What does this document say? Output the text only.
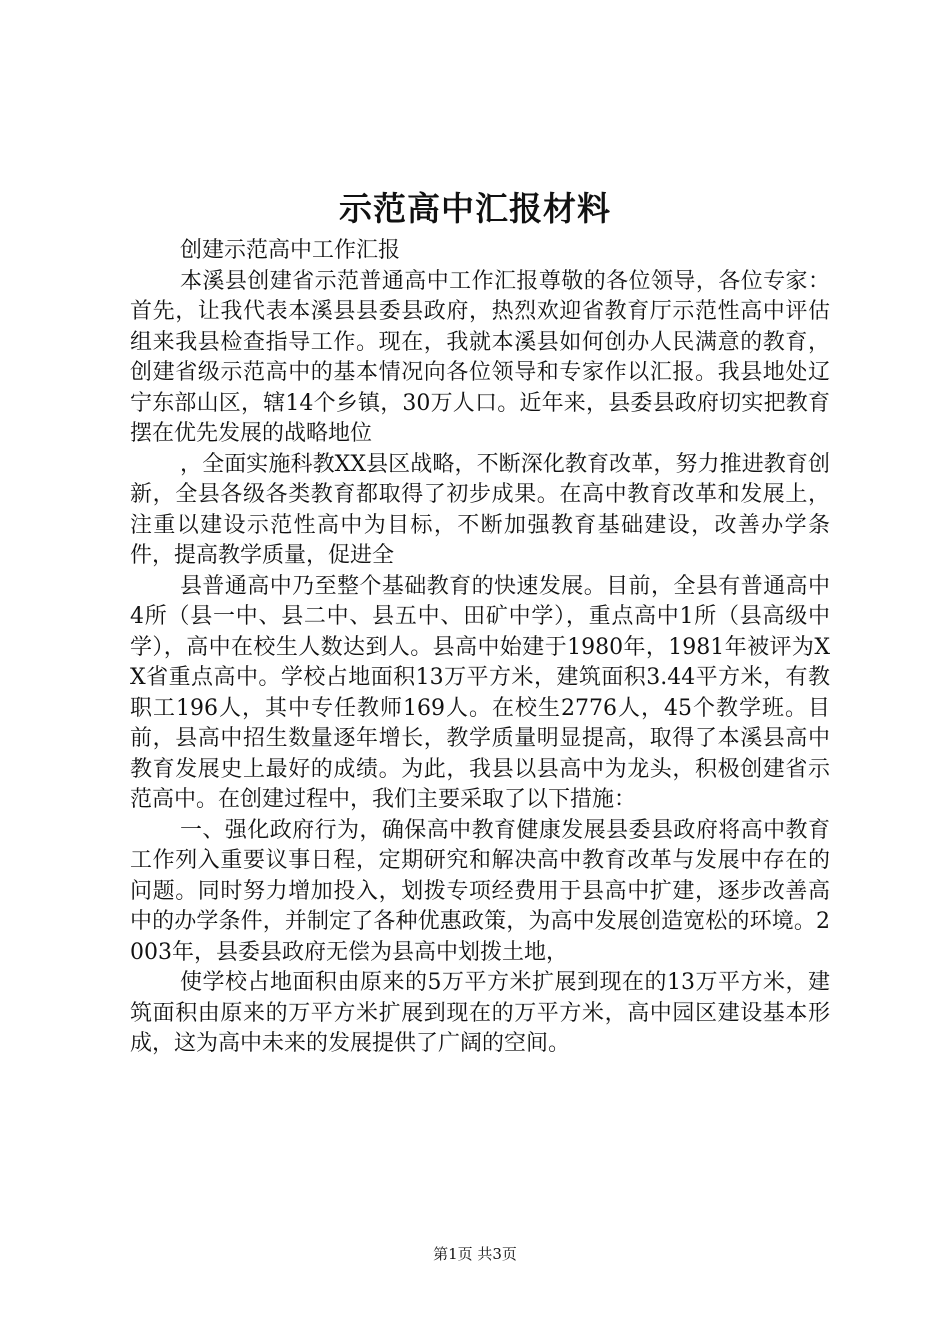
示范高中汇报材料

创建示范高中工作汇报

本溪县创建省示范普通高中工作汇报尊敬的各位领导，各位专家：首先，让我代表本溪县县委县政府，热烈欢迎省教育厅示范性高中评估组来我县检查指导工作。现在，我就本溪县如何创办人民满意的教育，创建省级示范高中的基本情况向各位领导和专家作以汇报。我县地处辽宁东部山区，辖14个乡镇，30万人口。近年来，县委县政府切实把教育摆在优先发展的战略地位

，全面实施科教XX县区战略，不断深化教育改革，努力推进教育创新，全县各级各类教育都取得了初步成果。在高中教育改革和发展上，注重以建设示范性高中为目标，不断加强教育基础建设，改善办学条件，提高教学质量，促进全

县普通高中乃至整个基础教育的快速发展。目前，全县有普通高中4所（县一中、县二中、县五中、田矿中学），重点高中1所（县高级中学），高中在校生人数达到人。县高中始建于1980年，1981年被评为XX省重点高中。学校占地面积13万平方米，建筑面积3.44平方米，有教职工196人，其中专任教师169人。在校生2776人，45个教学班。目前，县高中招生数量逐年增长，教学质量明显提高，取得了本溪县高中教育发展史上最好的成绩。为此，我县以县高中为龙头，积极创建省示范高中。在创建过程中，我们主要采取了以下措施：

一、强化政府行为，确保高中教育健康发展县委县政府将高中教育工作列入重要议事日程，定期研究和解决高中教育改革与发展中存在的问题。同时努力增加投入，划拨专项经费用于县高中扩建，逐步改善高中的办学条件，并制定了各种优惠政策，为高中发展创造宽松的环境。2003年，县委县政府无偿为县高中划拨土地，

使学校占地面积由原来的5万平方米扩展到现在的13万平方米，建筑面积由原来的万平方米扩展到现在的万平方米，高中园区建设基本形成，这为高中未来的发展提供了广阔的空间。

第1页 共3页
